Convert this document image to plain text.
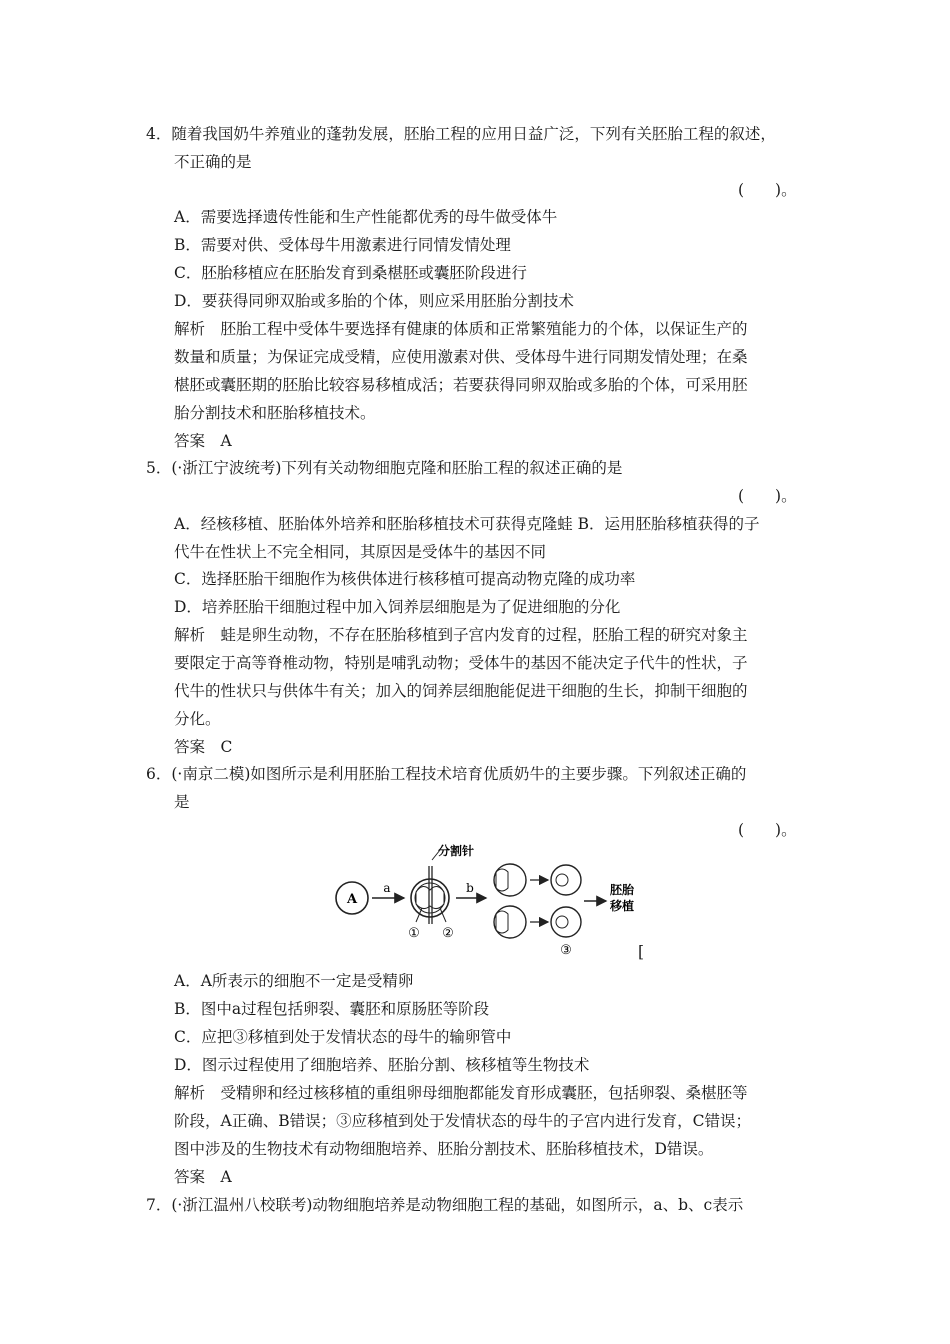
4．随着我国奶牛养殖业的蓬勃发展，胚胎工程的应用日益广泛，下列有关胚胎工程的叙述，
不正确的是
(　　)。
A．需要选择遗传性能和生产性能都优秀的母牛做受体牛
B．需要对供、受体母牛用激素进行同情发情处理
C．胚胎移植应在胚胎发育到桑椹胚或囊胚阶段进行
D．要获得同卵双胎或多胎的个体，则应采用胚胎分割技术
解析　胚胎工程中受体牛要选择有健康的体质和正常繁殖能力的个体，以保证生产的
数量和质量；为保证完成受精，应使用激素对供、受体母牛进行同期发情处理；在桑
椹胚或囊胚期的胚胎比较容易移植成活；若要获得同卵双胎或多胎的个体，可采用胚
胎分割技术和胚胎移植技术。
答案　A
5．(·浙江宁波统考)下列有关动物细胞克隆和胚胎工程的叙述正确的是
(　　)。
A．经核移植、胚胎体外培养和胚胎移植技术可获得克隆蛙 B．运用胚胎移植获得的子
代牛在性状上不完全相同，其原因是受体牛的基因不同
C．选择胚胎干细胞作为核供体进行核移植可提高动物克隆的成功率
D．培养胚胎干细胞过程中加入饲养层细胞是为了促进细胞的分化
解析　蛙是卵生动物，不存在胚胎移植到子宫内发育的过程，胚胎工程的研究对象主
要限定于高等脊椎动物，特别是哺乳动物；受体牛的基因不能决定子代牛的性状，子
代牛的性状只与供体牛有关；加入的饲养层细胞能促进干细胞的生长，抑制干细胞的
分化。
答案　C
6．(·南京二模)如图所示是利用胚胎工程技术培育优质奶牛的主要步骤。下列叙述正确的
是
(　　)。
A
a
分割针
① ②
b
③
胚胎
移植
[
A．A所表示的细胞不一定是受精卵
B．图中a过程包括卵裂、囊胚和原肠胚等阶段
C．应把③移植到处于发情状态的母牛的输卵管中
D．图示过程使用了细胞培养、胚胎分割、核移植等生物技术
解析　受精卵和经过核移植的重组卵母细胞都能发育形成囊胚，包括卵裂、桑椹胚等
阶段，A正确、B错误；③应移植到处于发情状态的母牛的子宫内进行发育，C错误；
图中涉及的生物技术有动物细胞培养、胚胎分割技术、胚胎移植技术，D错误。
答案　A
7．(·浙江温州八校联考)动物细胞培养是动物细胞工程的基础，如图所示，a、b、c表示
